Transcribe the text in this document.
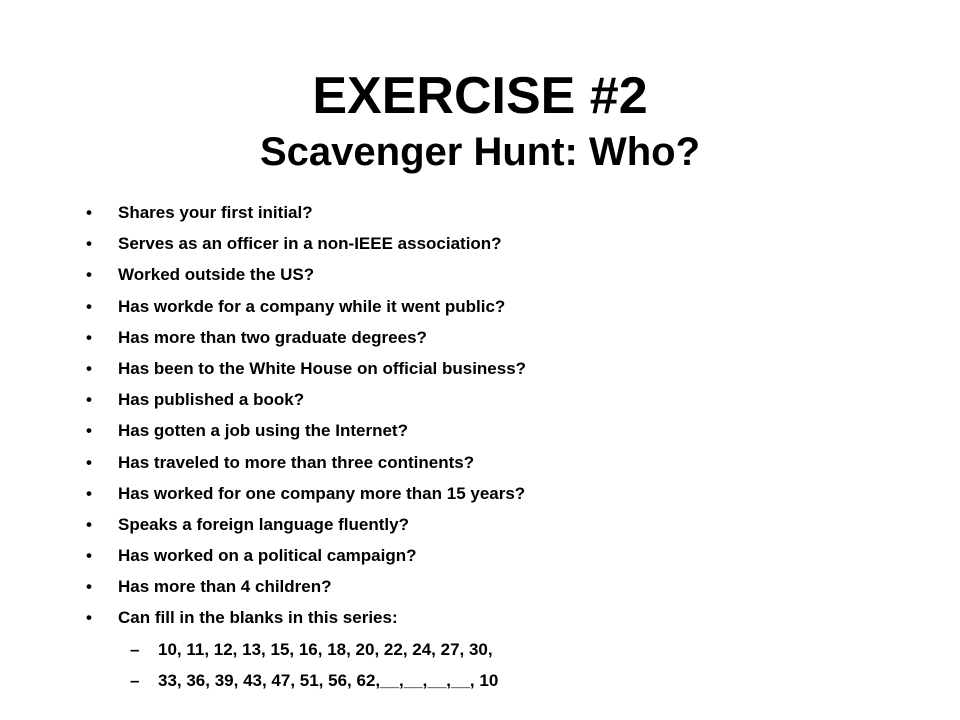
EXERCISE #2
Scavenger Hunt: Who?
•	Shares your first initial?
•	Serves as an officer in a non-IEEE association?
•	Worked outside the US?
•	Has workde for a company while it went public?
•	Has more than two graduate degrees?
•	Has been to the White House on official business?
•	Has published a book?
•	Has gotten a job using the Internet?
•	Has traveled to more than three continents?
•	Has worked for one company more than 15 years?
•	Speaks a foreign language fluently?
•	Has worked on a political campaign?
•	Has more than 4 children?
•	Can fill in the blanks in this series:
–	10, 11, 12, 13, 15, 16, 18, 20, 22, 24, 27, 30,
–	33, 36, 39, 43, 47, 51, 56, 62,__,__,__,__, 10
